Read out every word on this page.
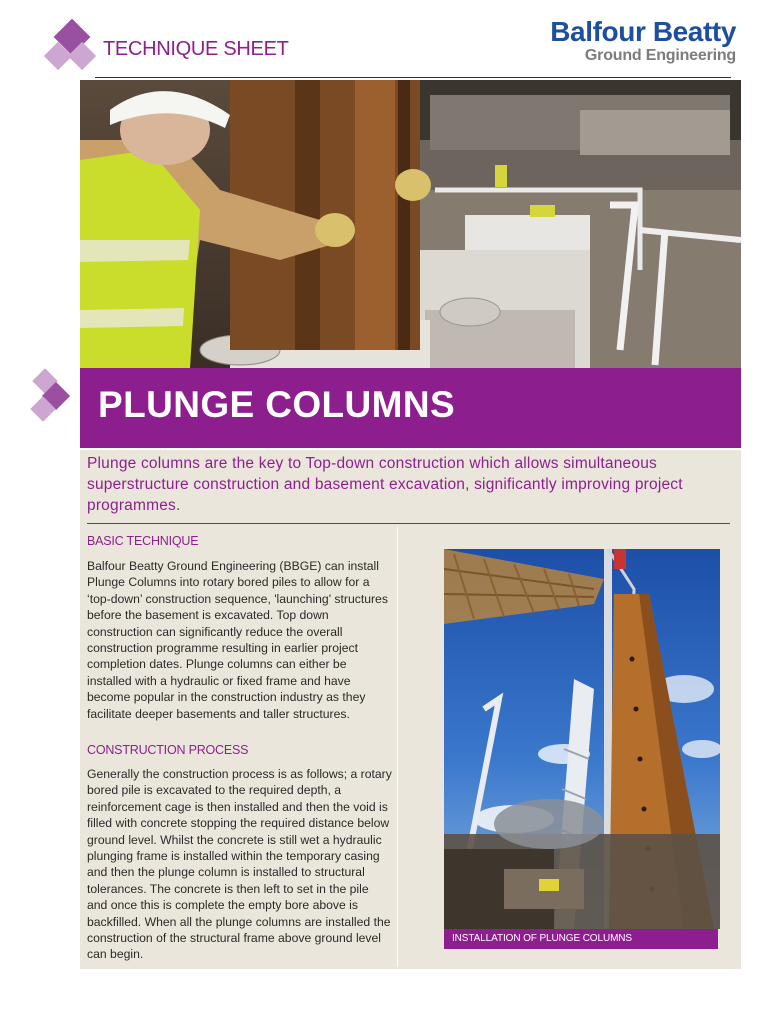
TECHNIQUE SHEET
Balfour Beatty
Ground Engineering
PLUNGE COLUMNS
Plunge columns are the key to Top-down construction which allows simultaneous superstructure construction and basement excavation, significantly improving project programmes.
BASIC TECHNIQUE
Balfour Beatty Ground Engineering (BBGE) can install Plunge Columns into rotary bored piles to allow for a ‘top-down’ construction sequence, 'launching' structures before the basement is excavated. Top down construction can significantly reduce the overall construction programme resulting in earlier project completion dates. Plunge columns can either be installed with a hydraulic or fixed frame and have become popular in the construction industry as they facilitate deeper basements and taller structures.
CONSTRUCTION PROCESS
Generally the construction process is as follows; a rotary bored pile is excavated to the required depth, a reinforcement cage is then installed and then the void is filled with concrete stopping the required distance below ground level. Whilst the concrete is still wet a hydraulic plunging frame is installed within the temporary casing and then the plunge column is installed to structural tolerances. The concrete is then left to set in the pile and once this is complete the empty bore above is backfilled. When all the plunge columns are installed the construction of the structural frame above ground level can begin.
INSTALLATION OF PLUNGE COLUMNS
